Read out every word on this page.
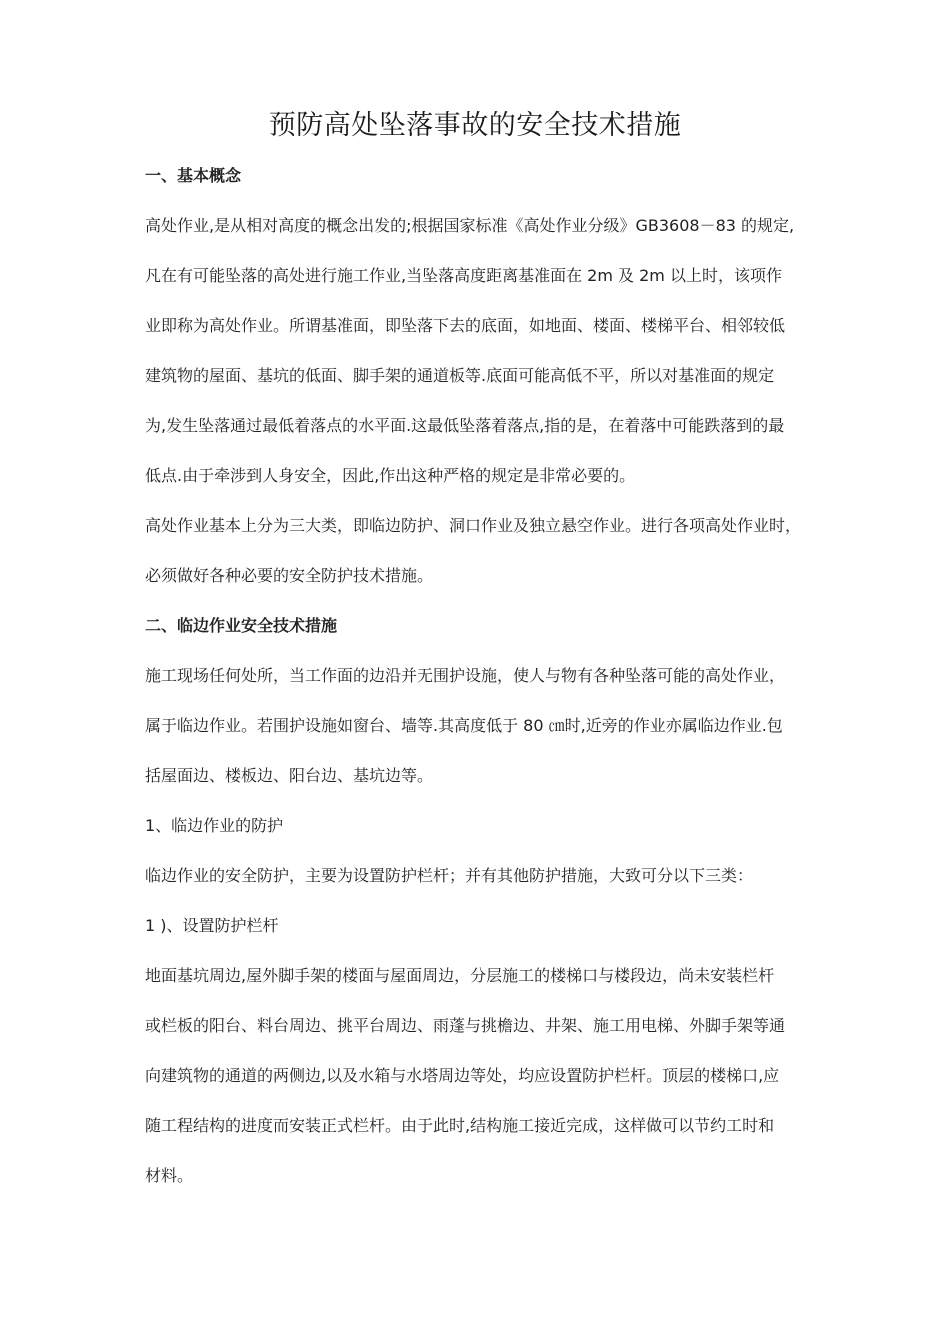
预防高处坠落事故的安全技术措施
一、基本概念
高处作业,是从相对高度的概念出发的;根据国家标准《高处作业分级》GB3608－83 的规定,
凡在有可能坠落的高处进行施工作业,当坠落高度距离基准面在 2m 及 2m 以上时，该项作
业即称为高处作业。所谓基准面，即坠落下去的底面，如地面、楼面、楼梯平台、相邻较低
建筑物的屋面、基坑的低面、脚手架的通道板等.底面可能高低不平，所以对基准面的规定
为,发生坠落通过最低着落点的水平面.这最低坠落着落点,指的是，在着落中可能跌落到的最
低点.由于牵涉到人身安全，因此,作出这种严格的规定是非常必要的。
高处作业基本上分为三大类，即临边防护、洞口作业及独立悬空作业。进行各项高处作业时，
必须做好各种必要的安全防护技术措施。
二、临边作业安全技术措施
施工现场任何处所，当工作面的边沿并无围护设施，使人与物有各种坠落可能的高处作业，
属于临边作业。若围护设施如窗台、墙等.其高度低于 80 ㎝时,近旁的作业亦属临边作业.包
括屋面边、楼板边、阳台边、基坑边等。
1、临边作业的防护
临边作业的安全防护，主要为设置防护栏杆；并有其他防护措施，大致可分以下三类：
1 )、设置防护栏杆
地面基坑周边,屋外脚手架的楼面与屋面周边，分层施工的楼梯口与楼段边，尚未安装栏杆
或栏板的阳台、料台周边、挑平台周边、雨蓬与挑檐边、井架、施工用电梯、外脚手架等通
向建筑物的通道的两侧边,以及水箱与水塔周边等处，均应设置防护栏杆。顶层的楼梯口,应
随工程结构的进度而安装正式栏杆。由于此时,结构施工接近完成，这样做可以节约工时和
材料。
